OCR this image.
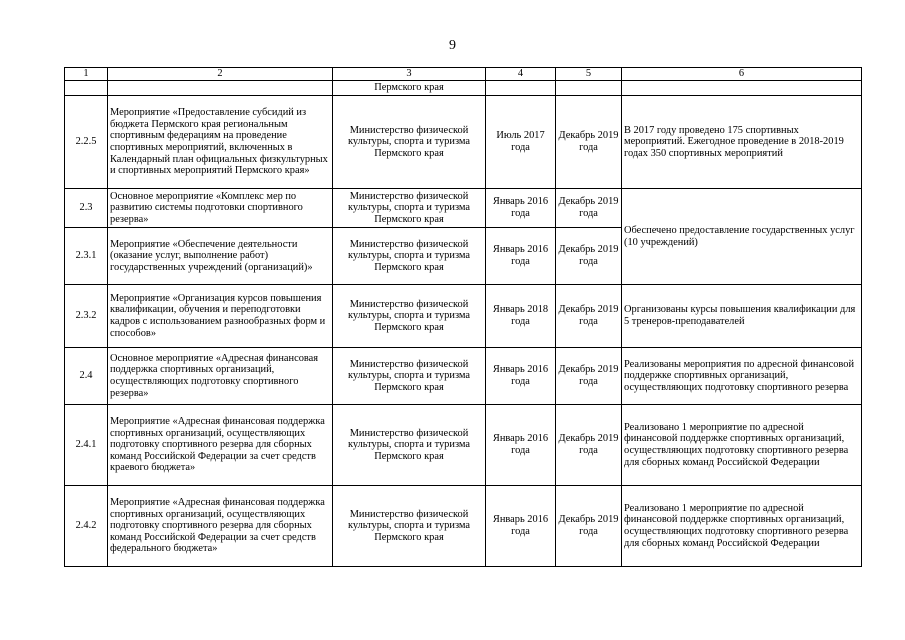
9
1	2	3	4	5	6
		Пермского края			
2.2.5	Мероприятие «Предоставление субсидий из бюджета Пермского края региональным спортивным федерациям на проведение спортивных мероприятий, включенных в Календарный план официальных физкультурных и спортивных мероприятий Пермского края»	Министерство физической культуры, спорта и туризма Пермского края	Июль 2017 года	Декабрь 2019 года	В 2017 году проведено 175 спортивных мероприятий. Ежегодное проведение в 2018-2019 годах 350 спортивных мероприятий
2.3	Основное мероприятие «Комплекс мер по развитию системы подготовки спортивного резерва»	Министерство физической культуры, спорта и туризма Пермского края	Январь 2016 года	Декабрь 2019 года	Обеспечено предоставление государственных услуг (10 учреждений)
2.3.1	Мероприятие «Обеспечение деятельности (оказание услуг, выполнение работ) государственных учреждений (организаций)»	Министерство физической культуры, спорта и туризма Пермского края	Январь 2016 года	Декабрь 2019 года	
2.3.2	Мероприятие «Организация курсов повышения квалификации, обучения и переподготовки кадров с использованием разнообразных форм и способов»	Министерство физической культуры, спорта и туризма Пермского края	Январь 2018 года	Декабрь 2019 года	Организованы курсы повышения квалификации для 5 тренеров-преподавателей
2.4	Основное мероприятие «Адресная финансовая поддержка спортивных организаций, осуществляющих подготовку спортивного резерва»	Министерство физической культуры, спорта и туризма Пермского края	Январь 2016 года	Декабрь 2019 года	Реализованы мероприятия по адресной финансовой поддержке спортивных организаций, осуществляющих подготовку спортивного резерва
2.4.1	Мероприятие «Адресная финансовая поддержка спортивных организаций, осуществляющих подготовку спортивного резерва для сборных команд Российской Федерации за счет средств краевого бюджета»	Министерство физической культуры, спорта и туризма Пермского края	Январь 2016 года	Декабрь 2019 года	Реализовано 1 мероприятие по адресной финансовой поддержке спортивных организаций, осуществляющих подготовку спортивного резерва для сборных команд Российской Федерации
2.4.2	Мероприятие «Адресная финансовая поддержка спортивных организаций, осуществляющих подготовку спортивного резерва для сборных команд Российской Федерации за счет средств федерального бюджета»	Министерство физической культуры, спорта и туризма Пермского края	Январь 2016 года	Декабрь 2019 года	Реализовано 1 мероприятие по адресной финансовой поддержке спортивных организаций, осуществляющих подготовку спортивного резерва для сборных команд Российской Федерации
